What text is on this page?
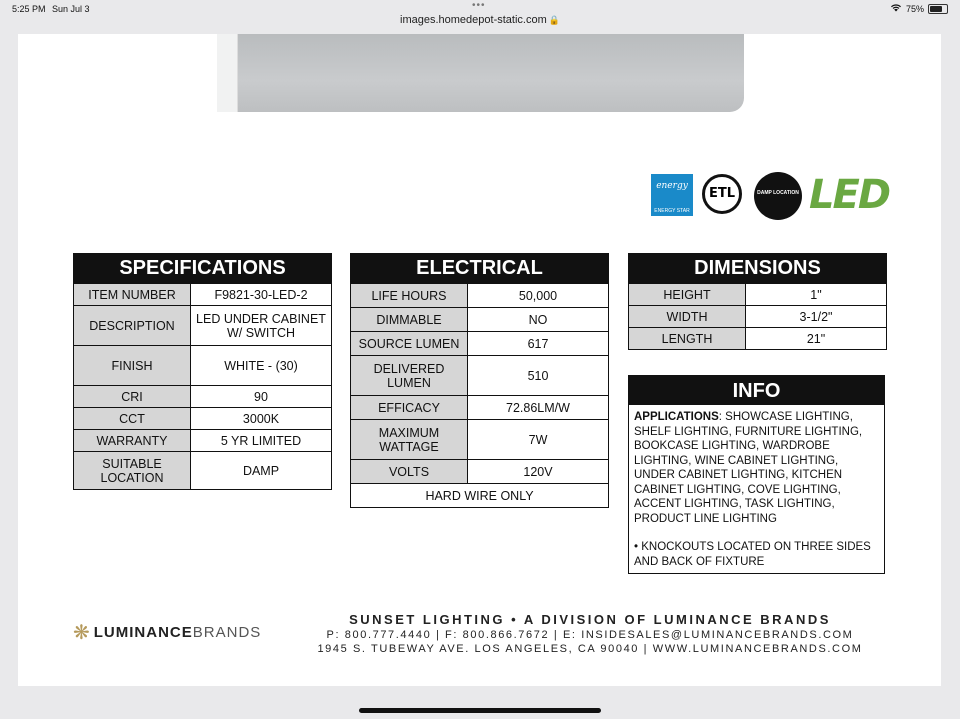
5:25 PM Sun Jul 3	•••	75%
images.homedepot-static.com 🔒
energy
ENERGY STAR
ETL	DAMP LOCATION LED
SPECIFICATIONS	
ITEM NUMBER	F9821-30-LED-2
DESCRIPTION	LED UNDER CABINET W/ SWITCH
FINISH	WHITE - (30)
CRI	90
CCT	3000K
WARRANTY	5 YR LIMITED
SUITABLE LOCATION	DAMP
ELECTRICAL	
LIFE HOURS	50,000
DIMMABLE	NO
SOURCE LUMEN	617
DELIVERED LUMEN	510
EFFICACY	72.86LM/W
MAXIMUM WATTAGE	7W
VOLTS	120V
HARD WIRE ONLY	
DIMENSIONS	
HEIGHT	1"
WIDTH	3-1/2"
LENGTH	21"
INFO
APPLICATIONS: SHOWCASE LIGHTING, SHELF LIGHTING, FURNITURE LIGHTING, BOOKCASE LIGHTING, WARDROBE LIGHTING, WINE CABINET LIGHTING, UNDER CABINET LIGHTING, KITCHEN CABINET LIGHTING, COVE LIGHTING, ACCENT LIGHTING, TASK LIGHTING, PRODUCT LINE LIGHTING
• KNOCKOUTS LOCATED ON THREE SIDES AND BACK OF FIXTURE
❋ LUMINANCEBRANDS
SUNSET LIGHTING • A DIVISION OF LUMINANCE BRANDS
P: 800.777.4440 | F: 800.866.7672 | E: INSIDESALES@LUMINANCEBRANDS.COM
1945 S. TUBEWAY AVE. LOS ANGELES, CA 90040 | WWW.LUMINANCEBRANDS.COM
